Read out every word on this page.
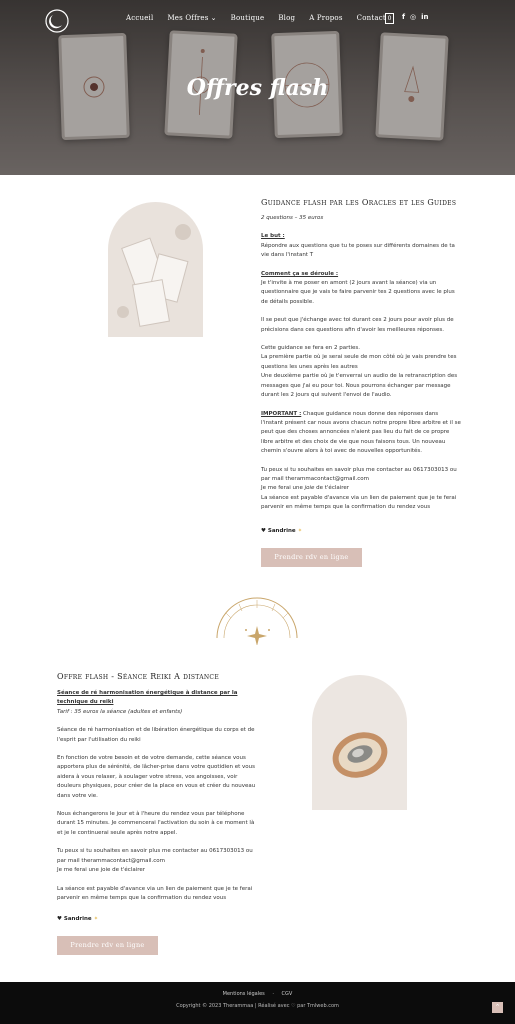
Accueil Mes Offres ⌄ Boutique Blog A Propos Contact 0	f ◎ in
Offres flash
Guidance flash par les Oracles et les Guides

2 questions – 35 euros

Le but :

Répondre aux questions que tu te poses sur différents domaines de ta vie dans l'instant T

Comment ça se déroule :

Je t'invite à me poser en amont (2 jours avant la séance) via un questionnaire que je vais te faire parvenir tes 2 questions avec le plus de détails possible.

Il se peut que j'échange avec toi durant ces 2 jours pour avoir plus de précisions dans ces questions afin d'avoir les meilleures réponses.

Cette guidance se fera en 2 parties.

La première partie où je serai seule de mon côté où je vais prendre tes questions les unes après les autres

Une deuxième partie où je t'enverrai un audio de la retranscription des messages que j'ai eu pour toi. Nous pourrons échanger par message durant les 2 jours qui suivent l'envoi de l'audio.

IMPORTANT : Chaque guidance nous donne des réponses dans l'instant présent car nous avons chacun notre propre libre arbitre et il se peut que des choses annoncées n'aient pas lieu du fait de ce propre libre arbitre et des choix de vie que nous faisons tous. Un nouveau chemin s'ouvre alors à toi avec de nouvelles opportunités.

Tu peux si tu souhaites en savoir plus me contacter au 0617303013 ou par mail therammacontact@gmail.com

Je me ferai une joie de t'éclairer

La séance est payable d'avance via un lien de paiement que je te ferai parvenir en même temps que la confirmation du rendez vous

♥ Sandrine ✦
Prendre rdv en ligne
Offre flash - Séance Reiki A distance

Séance de ré harmonisation énergétique à distance par la technique du reiki

Tarif : 35 euros la séance (adultes et enfants)

Séance de ré harmonisation et de libération énergétique du corps et de l'esprit par l'utilisation du reiki

En fonction de votre besoin et de votre demande, cette séance vous apportera plus de sérénité, de lâcher-prise dans votre quotidien et vous aidera à vous relaxer, à soulager votre stress, vos angoisses, voir douleurs physiques, pour créer de la place en vous et créer du nouveau dans votre vie.

Nous échangerons le jour et à l'heure du rendez vous par téléphone durant 15 minutes. Je commencerai l'activation du soin à ce moment là et je le continuerai seule après notre appel.

Tu peux si tu souhaites en savoir plus me contacter au 0617303013 ou par mail therammacontact@gmail.com

Je me ferai une joie de t'éclairer

La séance est payable d'avance via un lien de paiement que je te ferai parvenir en même temps que la confirmation du rendez vous

♥ Sandrine ✦
Prendre rdv en ligne
Mentions légales · CGV
Copyright © 2023 Therammaa | Réalisé avec ♡ par Tmlweb.com	⌃
